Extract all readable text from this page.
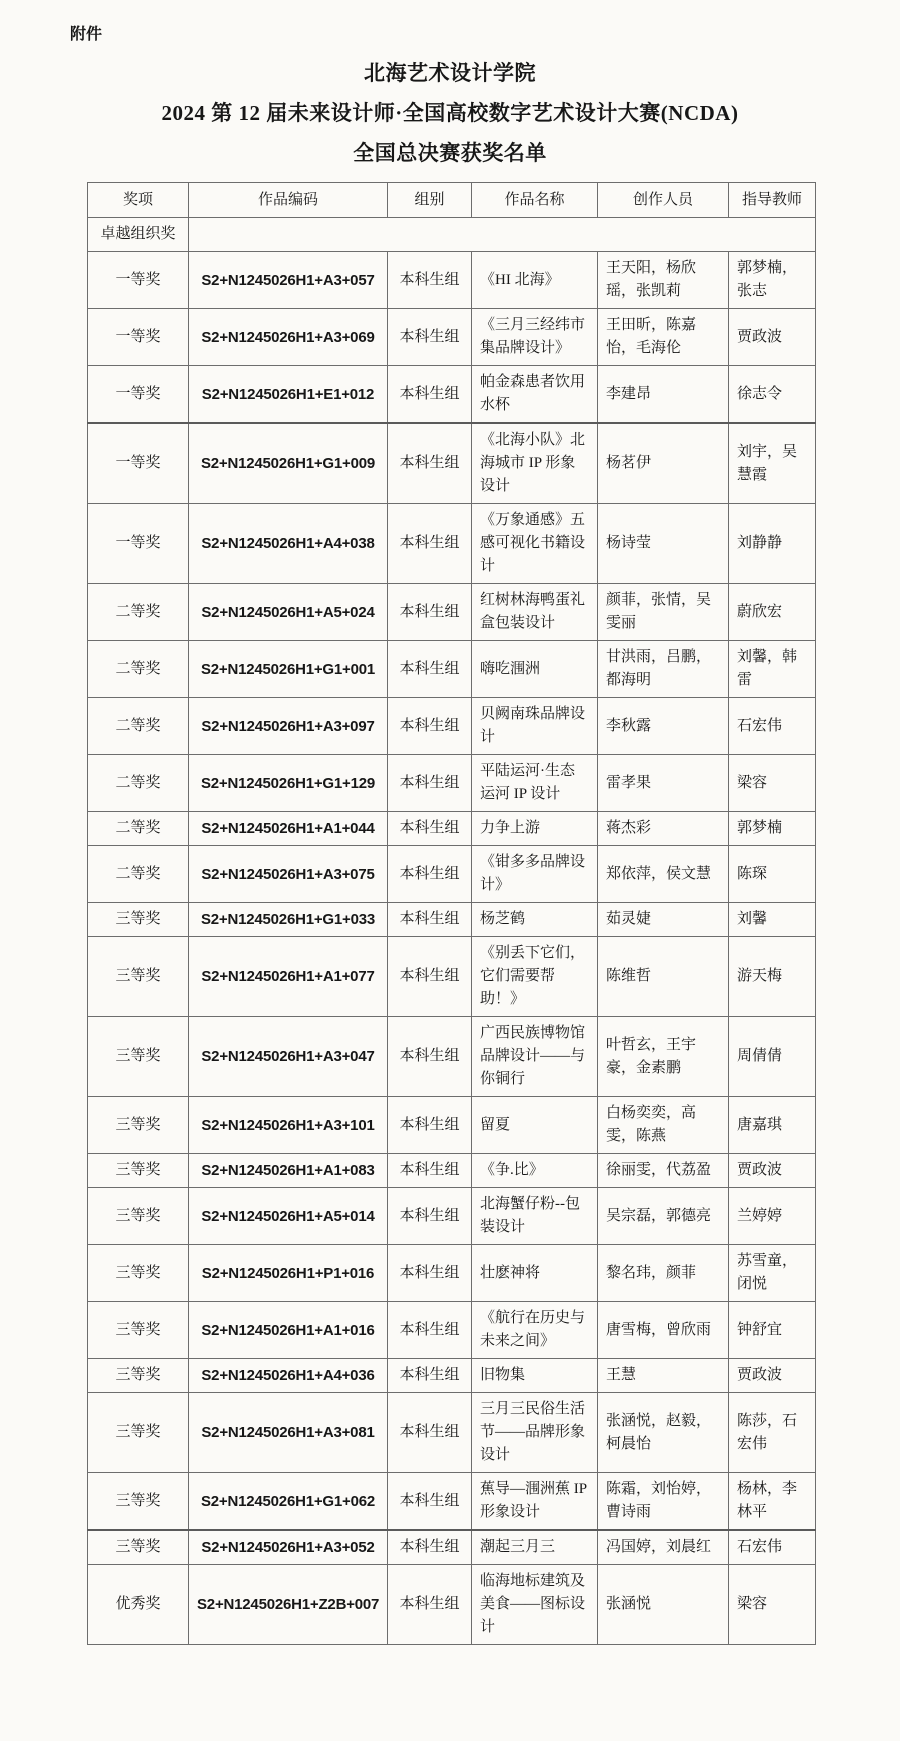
附件
北海艺术设计学院
2024 第 12 届未来设计师·全国高校数字艺术设计大赛(NCDA)
全国总决赛获奖名单
奖项	作品编码	组别	作品名称	创作人员	指导教师
卓越组织奖					
一等奖	S2+N1245026H1+A3+057	本科生组	《HI 北海》	王天阳，杨欣瑶，张凯莉	郭梦楠，张志
一等奖	S2+N1245026H1+A3+069	本科生组	《三月三经纬市集品牌设计》	王田昕，陈嘉怡，毛海伦	贾政波
一等奖	S2+N1245026H1+E1+012	本科生组	帕金森患者饮用水杯	李建昂	徐志令
一等奖	S2+N1245026H1+G1+009	本科生组	《北海小队》北海城市 IP 形象设计	杨茗伊	刘宇，吴慧霞
一等奖	S2+N1245026H1+A4+038	本科生组	《万象通感》五感可视化书籍设计	杨诗莹	刘静静
二等奖	S2+N1245026H1+A5+024	本科生组	红树林海鸭蛋礼盒包装设计	颜菲，张情，吴雯丽	蔚欣宏
二等奖	S2+N1245026H1+G1+001	本科生组	嗨吃涠洲	甘洪雨，吕鹏，都海明	刘馨，韩雷
二等奖	S2+N1245026H1+A3+097	本科生组	贝阙南珠品牌设计	李秋露	石宏伟
二等奖	S2+N1245026H1+G1+129	本科生组	平陆运河·生态运河 IP 设计	雷孝果	梁容
二等奖	S2+N1245026H1+A1+044	本科生组	力争上游	蒋杰彩	郭梦楠
二等奖	S2+N1245026H1+A3+075	本科生组	《钳多多品牌设计》	郑依萍，侯文慧	陈琛
三等奖	S2+N1245026H1+G1+033	本科生组	杨芝鹤	茹灵婕	刘馨
三等奖	S2+N1245026H1+A1+077	本科生组	《别丢下它们，它们需要帮助！》	陈维哲	游天梅
三等奖	S2+N1245026H1+A3+047	本科生组	广西民族博物馆品牌设计——与你铜行	叶哲玄，王宇豪，金素鹏	周倩倩
三等奖	S2+N1245026H1+A3+101	本科生组	留夏	白杨奕奕，高雯，陈燕	唐嘉琪
三等奖	S2+N1245026H1+A1+083	本科生组	《争.比》	徐丽雯，代荔盈	贾政波
三等奖	S2+N1245026H1+A5+014	本科生组	北海蟹仔粉--包装设计	吴宗磊，郭德亮	兰婷婷
三等奖	S2+N1245026H1+P1+016	本科生组	壮麽神将	黎名玮，颜菲	苏雪童，闭悦
三等奖	S2+N1245026H1+A1+016	本科生组	《航行在历史与未来之间》	唐雪梅，曾欣雨	钟舒宜
三等奖	S2+N1245026H1+A4+036	本科生组	旧物集	王慧	贾政波
三等奖	S2+N1245026H1+A3+081	本科生组	三月三民俗生活节——品牌形象设计	张涵悦，赵毅，柯晨怡	陈莎，石宏伟
三等奖	S2+N1245026H1+G1+062	本科生组	蕉导—涠洲蕉 IP 形象设计	陈霜，刘怡婷，曹诗雨	杨林，李林平
三等奖	S2+N1245026H1+A3+052	本科生组	潮起三月三	冯国婷，刘晨红	石宏伟
优秀奖	S2+N1245026H1+Z2B+007	本科生组	临海地标建筑及美食——图标设计	张涵悦	梁容
